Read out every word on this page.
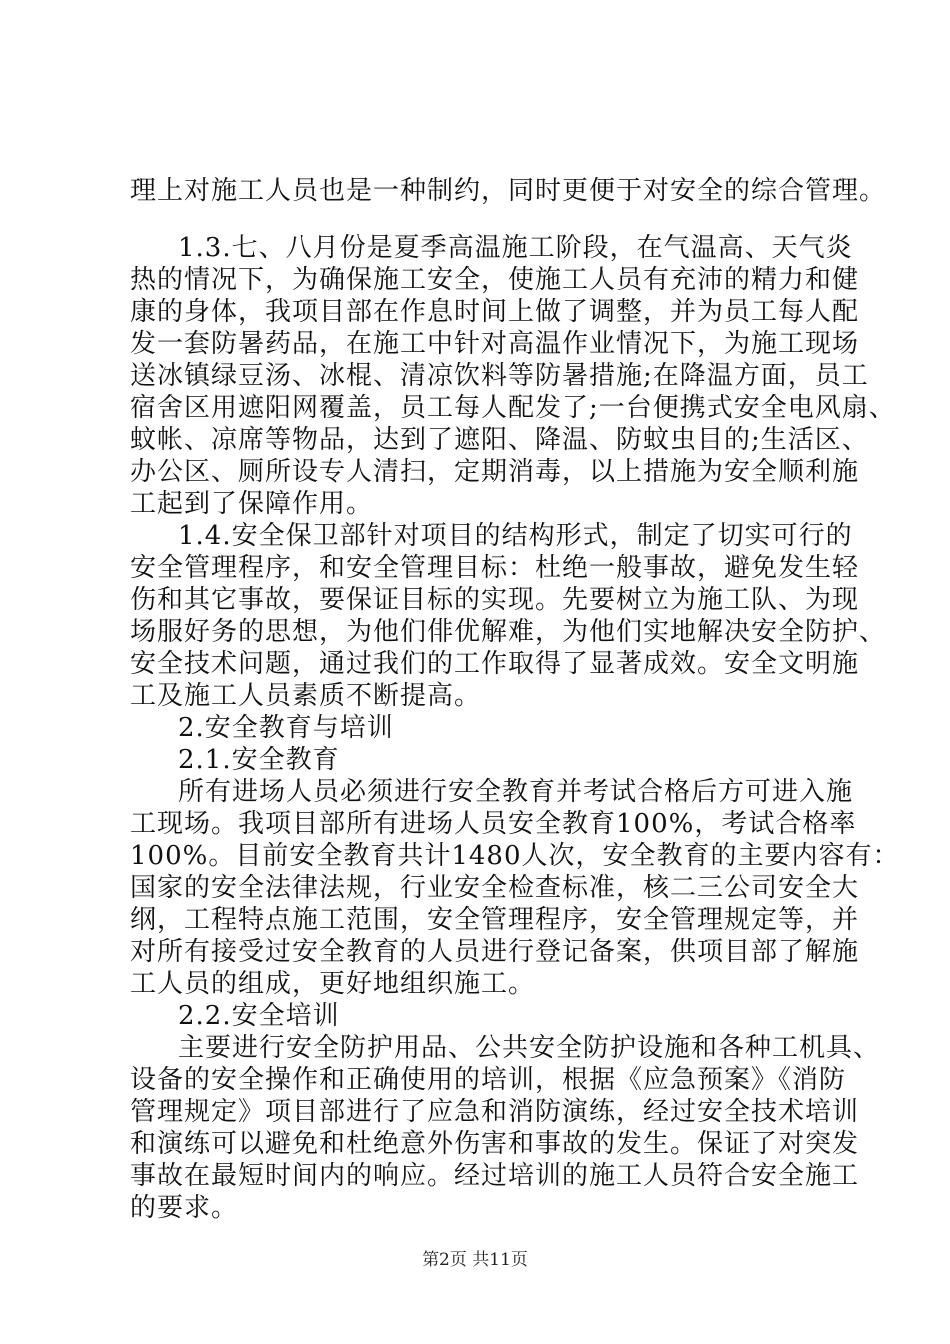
理上对施工人员也是一种制约，同时更便于对安全的综合管理。
1.3.七、八月份是夏季高温施工阶段，在气温高、天气炎
热的情况下，为确保施工安全，使施工人员有充沛的精力和健
康的身体，我项目部在作息时间上做了调整，并为员工每人配
发一套防暑药品，在施工中针对高温作业情况下，为施工现场
送冰镇绿豆汤、冰棍、清凉饮料等防暑措施;在降温方面，员工
宿舍区用遮阳网覆盖，员工每人配发了;一台便携式安全电风扇、
蚊帐、凉席等物品，达到了遮阳、降温、防蚊虫目的;生活区、
办公区、厕所设专人清扫，定期消毒，以上措施为安全顺利施
工起到了保障作用。
1.4.安全保卫部针对项目的结构形式，制定了切实可行的
安全管理程序，和安全管理目标：杜绝一般事故，避免发生轻
伤和其它事故，要保证目标的实现。先要树立为施工队、为现
场服好务的思想，为他们俳优解难，为他们实地解决安全防护、
安全技术问题，通过我们的工作取得了显著成效。安全文明施
工及施工人员素质不断提高。
2.安全教育与培训
2.1.安全教育
所有进场人员必须进行安全教育并考试合格后方可进入施
工现场。我项目部所有进场人员安全教育100%，考试合格率
100%。目前安全教育共计1480人次，安全教育的主要内容有：
国家的安全法律法规，行业安全检查标准，核二三公司安全大
纲，工程特点施工范围，安全管理程序，安全管理规定等，并
对所有接受过安全教育的人员进行登记备案，供项目部了解施
工人员的组成，更好地组织施工。
2.2.安全培训
主要进行安全防护用品、公共安全防护设施和各种工机具、
设备的安全操作和正确使用的培训，根据《应急预案》《消防
管理规定》项目部进行了应急和消防演练，经过安全技术培训
和演练可以避免和杜绝意外伤害和事故的发生。保证了对突发
事故在最短时间内的响应。经过培训的施工人员符合安全施工
的要求。
第2页 共11页
